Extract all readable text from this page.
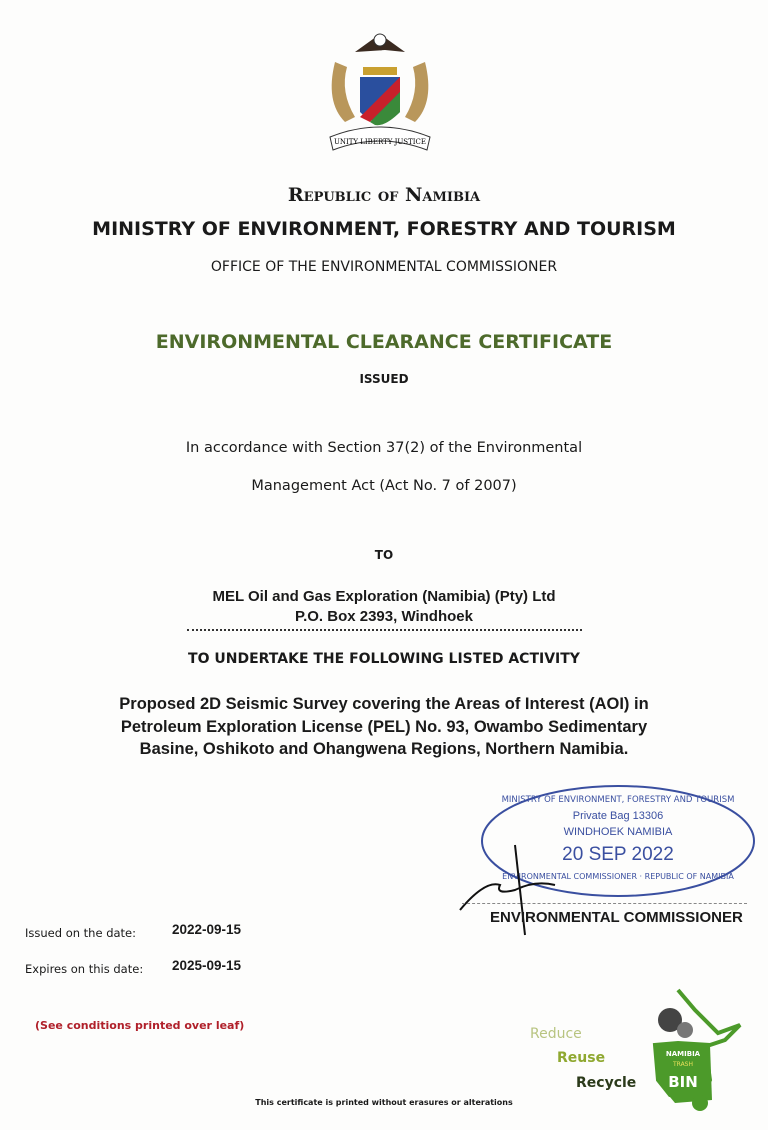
UNITY LIBERTY JUSTICE
Republic of Namibia
MINISTRY OF ENVIRONMENT, FORESTRY AND TOURISM
OFFICE OF THE ENVIRONMENTAL COMMISSIONER
ENVIRONMENTAL CLEARANCE CERTIFICATE
ISSUED
In accordance with Section 37(2) of the Environmental
Management Act (Act No. 7 of 2007)
TO
MEL Oil and Gas Exploration (Namibia) (Pty) Ltd
P.O. Box 2393, Windhoek
TO UNDERTAKE THE FOLLOWING LISTED ACTIVITY
Proposed 2D Seismic Survey covering the Areas of Interest (AOI) in
Petroleum Exploration License (PEL) No. 93, Owambo Sedimentary
Basine, Oshikoto and Ohangwena Regions, Northern Namibia.
MINISTRY OF ENVIRONMENT, FORESTRY AND TOURISM
Private Bag 13306
WINDHOEK NAMIBIA
20 SEP 2022
ENVIRONMENTAL COMMISSIONER · REPUBLIC OF NAMIBIA
ENVIRONMENTAL COMMISSIONER
Issued on the date:	2022-09-15
Expires on this date: 2025-09-15
(See conditions printed over leaf)
Reduce
Reuse
Recycle
NAMIBIA
TRASH
BIN
This certificate is printed without erasures or alterations
